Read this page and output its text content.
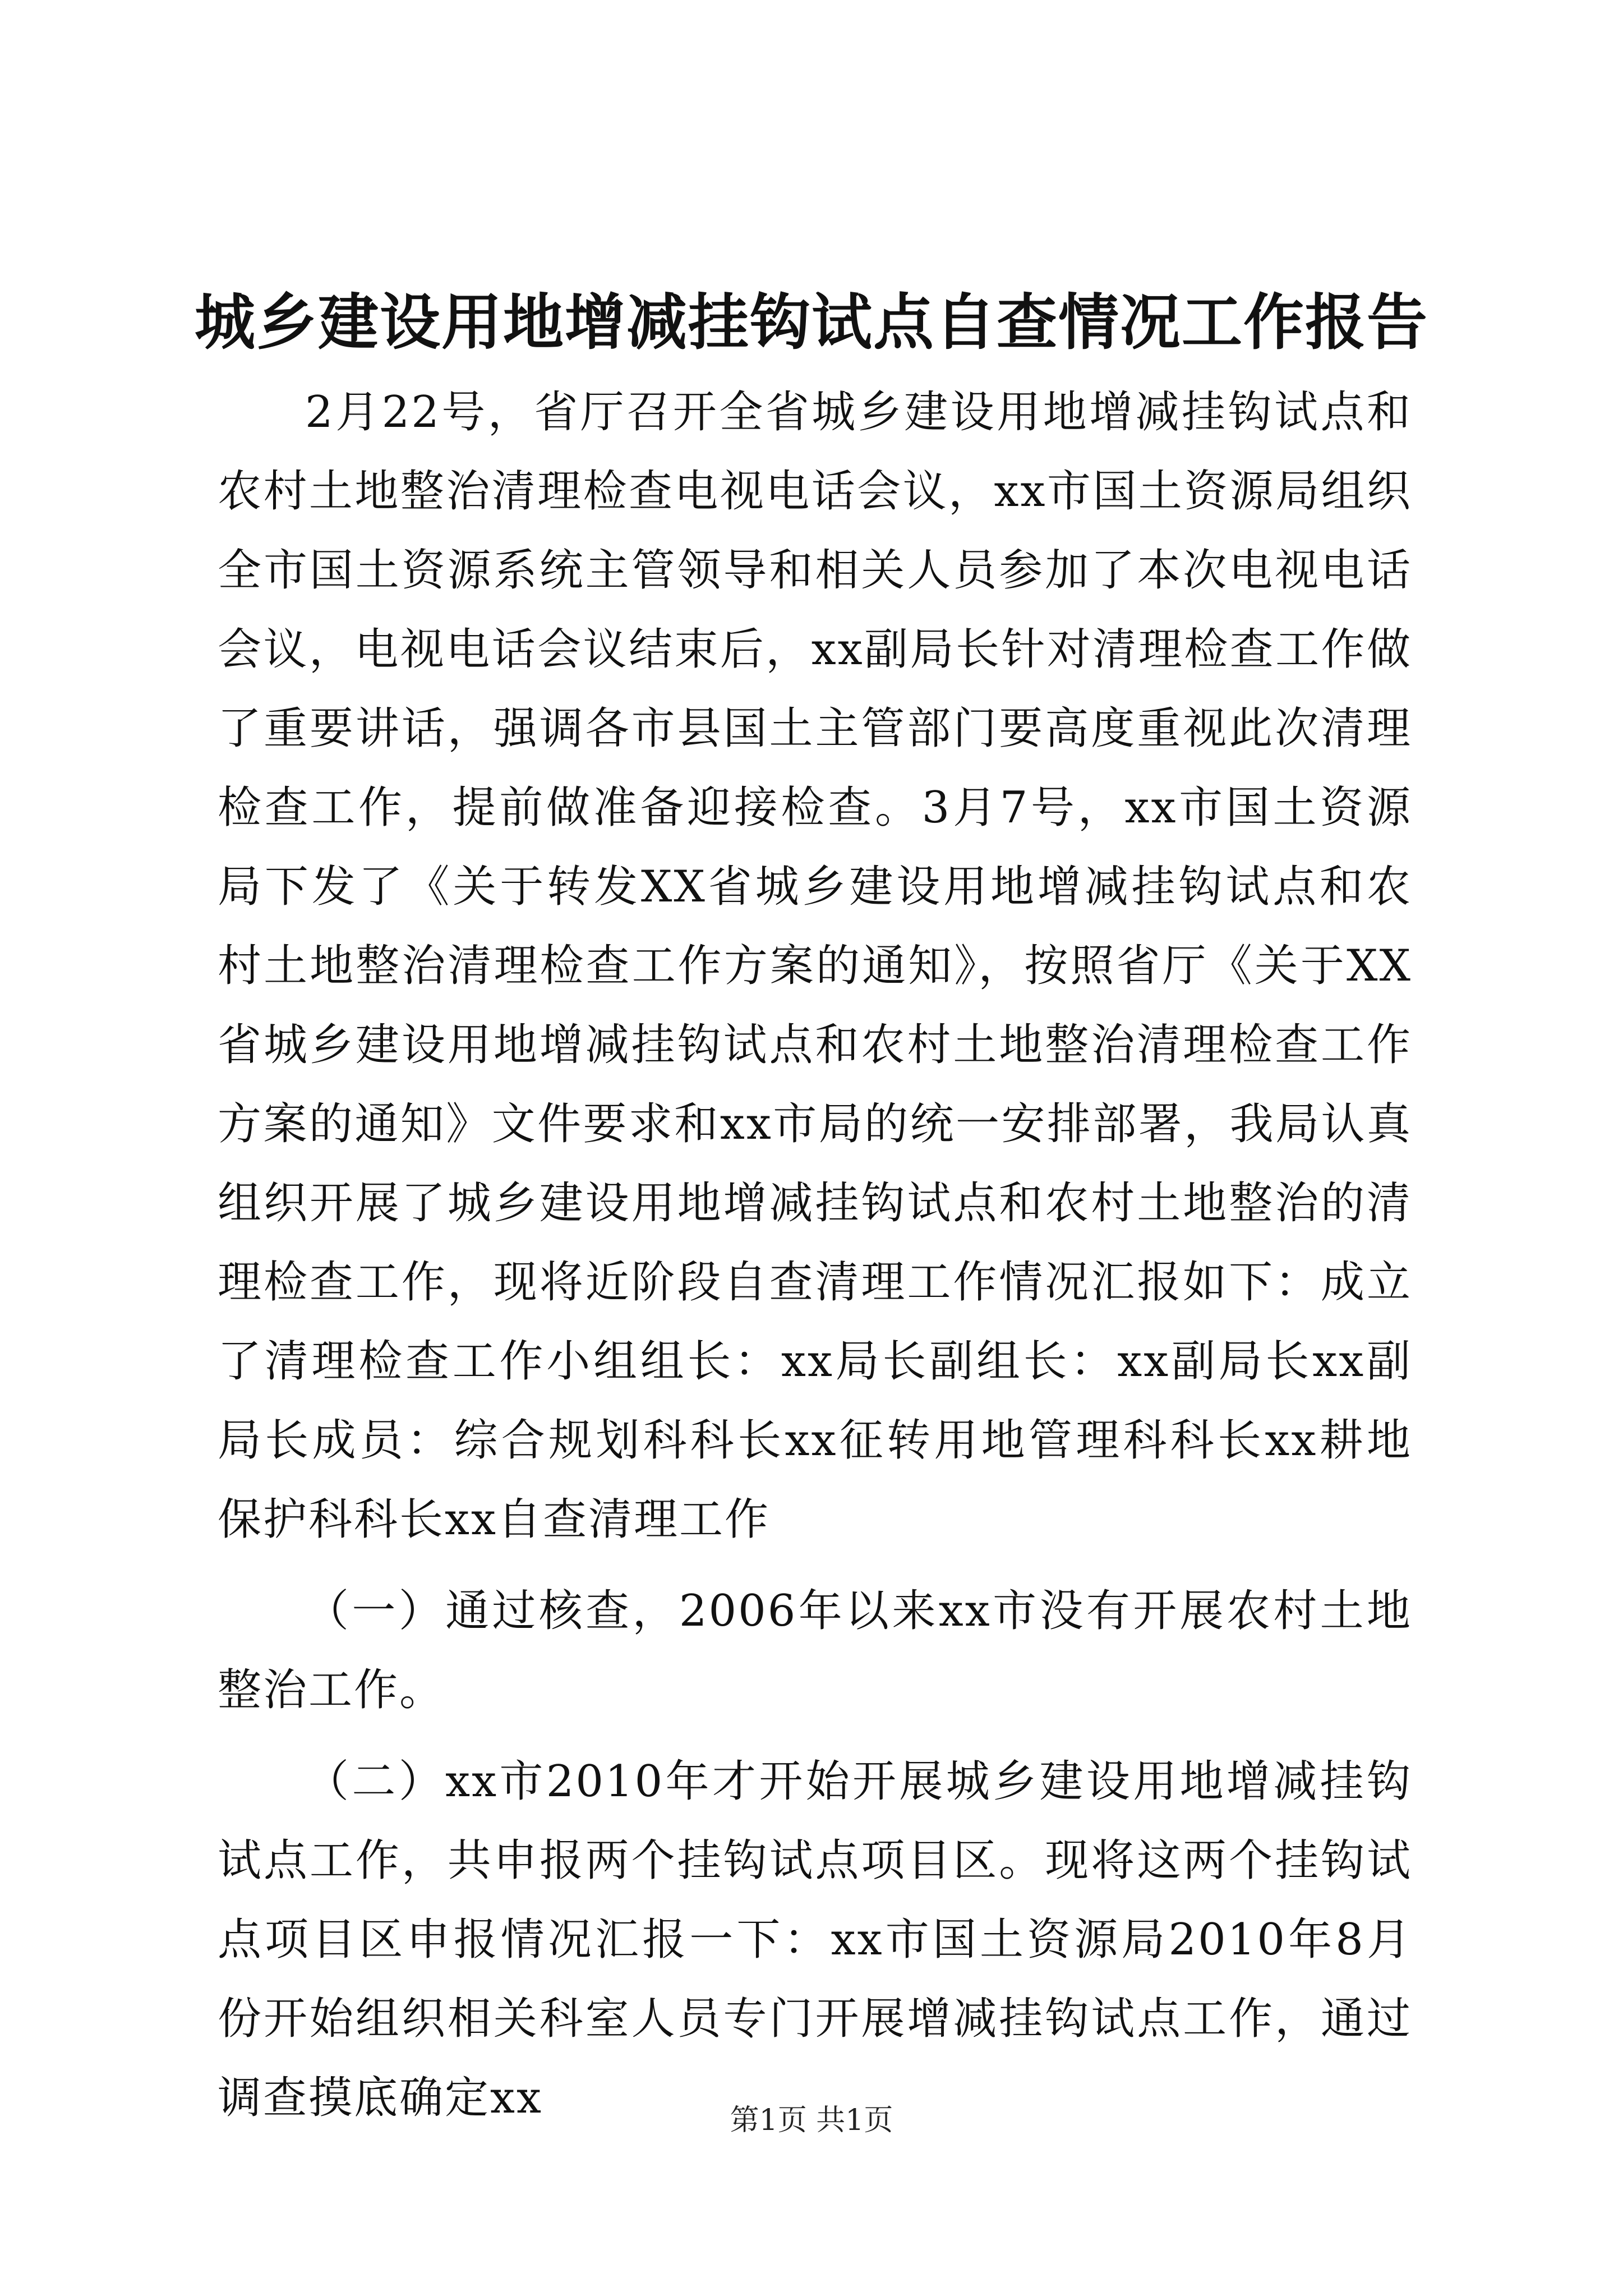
城乡建设用地增减挂钩试点自查情况工作报告

2月22号，省厅召开全省城乡建设用地增减挂钩试点和农村土地整治清理检查电视电话会议，xx市国土资源局组织全市国土资源系统主管领导和相关人员参加了本次电视电话会议，电视电话会议结束后，xx副局长针对清理检查工作做了重要讲话，强调各市县国土主管部门要高度重视此次清理检查工作，提前做准备迎接检查。3月7号，xx市国土资源局下发了《关于转发XX省城乡建设用地增减挂钩试点和农村土地整治清理检查工作方案的通知》，按照省厅《关于XX省城乡建设用地增减挂钩试点和农村土地整治清理检查工作方案的通知》文件要求和xx市局的统一安排部署，我局认真组织开展了城乡建设用地增减挂钩试点和农村土地整治的清理检查工作，现将近阶段自查清理工作情况汇报如下：成立了清理检查工作小组组长：xx局长副组长：xx副局长xx副局长成员：综合规划科科长xx征转用地管理科科长xx耕地保护科科长xx自查清理工作

（一）通过核查，2006年以来xx市没有开展农村土地整治工作。

（二）xx市2010年才开始开展城乡建设用地增减挂钩试点工作，共申报两个挂钩试点项目区。现将这两个挂钩试点项目区申报情况汇报一下：xx市国土资源局2010年8月份开始组织相关科室人员专门开展增减挂钩试点工作，通过调查摸底确定xx	第1页 共1页
